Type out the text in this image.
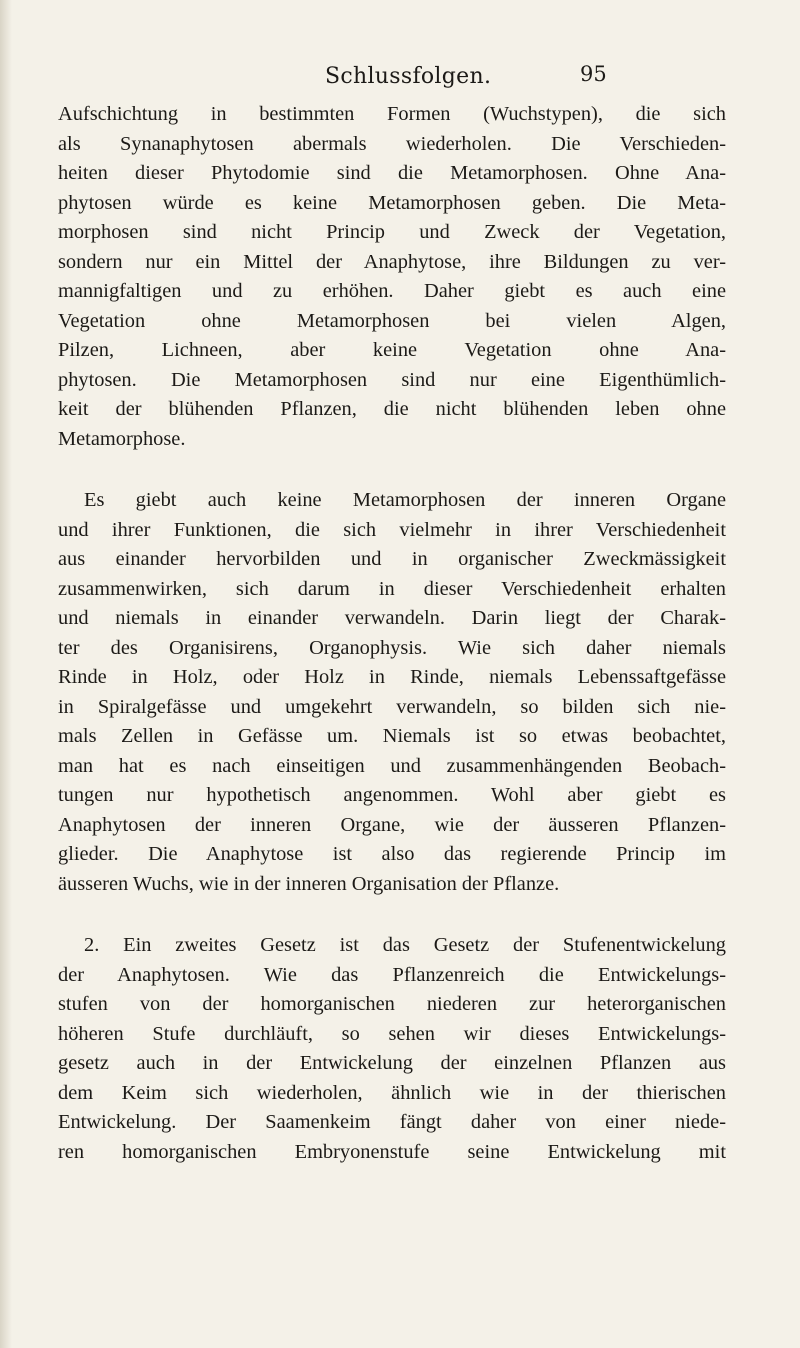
Schlussfolgen.	95
Aufschichtung in bestimmten Formen (Wuchstypen), die sich
als Synanaphytosen abermals wiederholen. Die Verschieden-
heiten dieser Phytodomie sind die Metamorphosen. Ohne Ana-
phytosen würde es keine Metamorphosen geben. Die Meta-
morphosen sind nicht Princip und Zweck der Vegetation,
sondern nur ein Mittel der Anaphytose, ihre Bildungen zu ver-
mannigfaltigen und zu erhöhen. Daher giebt es auch eine
Vegetation ohne Metamorphosen bei vielen Algen,
Pilzen, Lichneen, aber keine Vegetation ohne Ana-
phytosen. Die Metamorphosen sind nur eine Eigenthümlich-
keit der blühenden Pflanzen, die nicht blühenden leben ohne
Metamorphose.
Es giebt auch keine Metamorphosen der inneren Organe
und ihrer Funktionen, die sich vielmehr in ihrer Verschiedenheit
aus einander hervorbilden und in organischer Zweckmässigkeit
zusammenwirken, sich darum in dieser Verschiedenheit erhalten
und niemals in einander verwandeln. Darin liegt der Charak-
ter des Organisirens, Organophysis. Wie sich daher niemals
Rinde in Holz, oder Holz in Rinde, niemals Lebenssaftgefässe
in Spiralgefässe und umgekehrt verwandeln, so bilden sich nie-
mals Zellen in Gefässe um. Niemals ist so etwas beobachtet,
man hat es nach einseitigen und zusammenhängenden Beobach-
tungen nur hypothetisch angenommen. Wohl aber giebt es
Anaphytosen der inneren Organe, wie der äusseren Pflanzen-
glieder. Die Anaphytose ist also das regierende Princip im
äusseren Wuchs, wie in der inneren Organisation der Pflanze.
2. Ein zweites Gesetz ist das Gesetz der Stufenentwickelung
der Anaphytosen. Wie das Pflanzenreich die Entwickelungs-
stufen von der homorganischen niederen zur heterorganischen
höheren Stufe durchläuft, so sehen wir dieses Entwickelungs-
gesetz auch in der Entwickelung der einzelnen Pflanzen aus
dem Keim sich wiederholen, ähnlich wie in der thierischen
Entwickelung. Der Saamenkeim fängt daher von einer niede-
ren homorganischen Embryonenstufe seine Entwickelung mit
